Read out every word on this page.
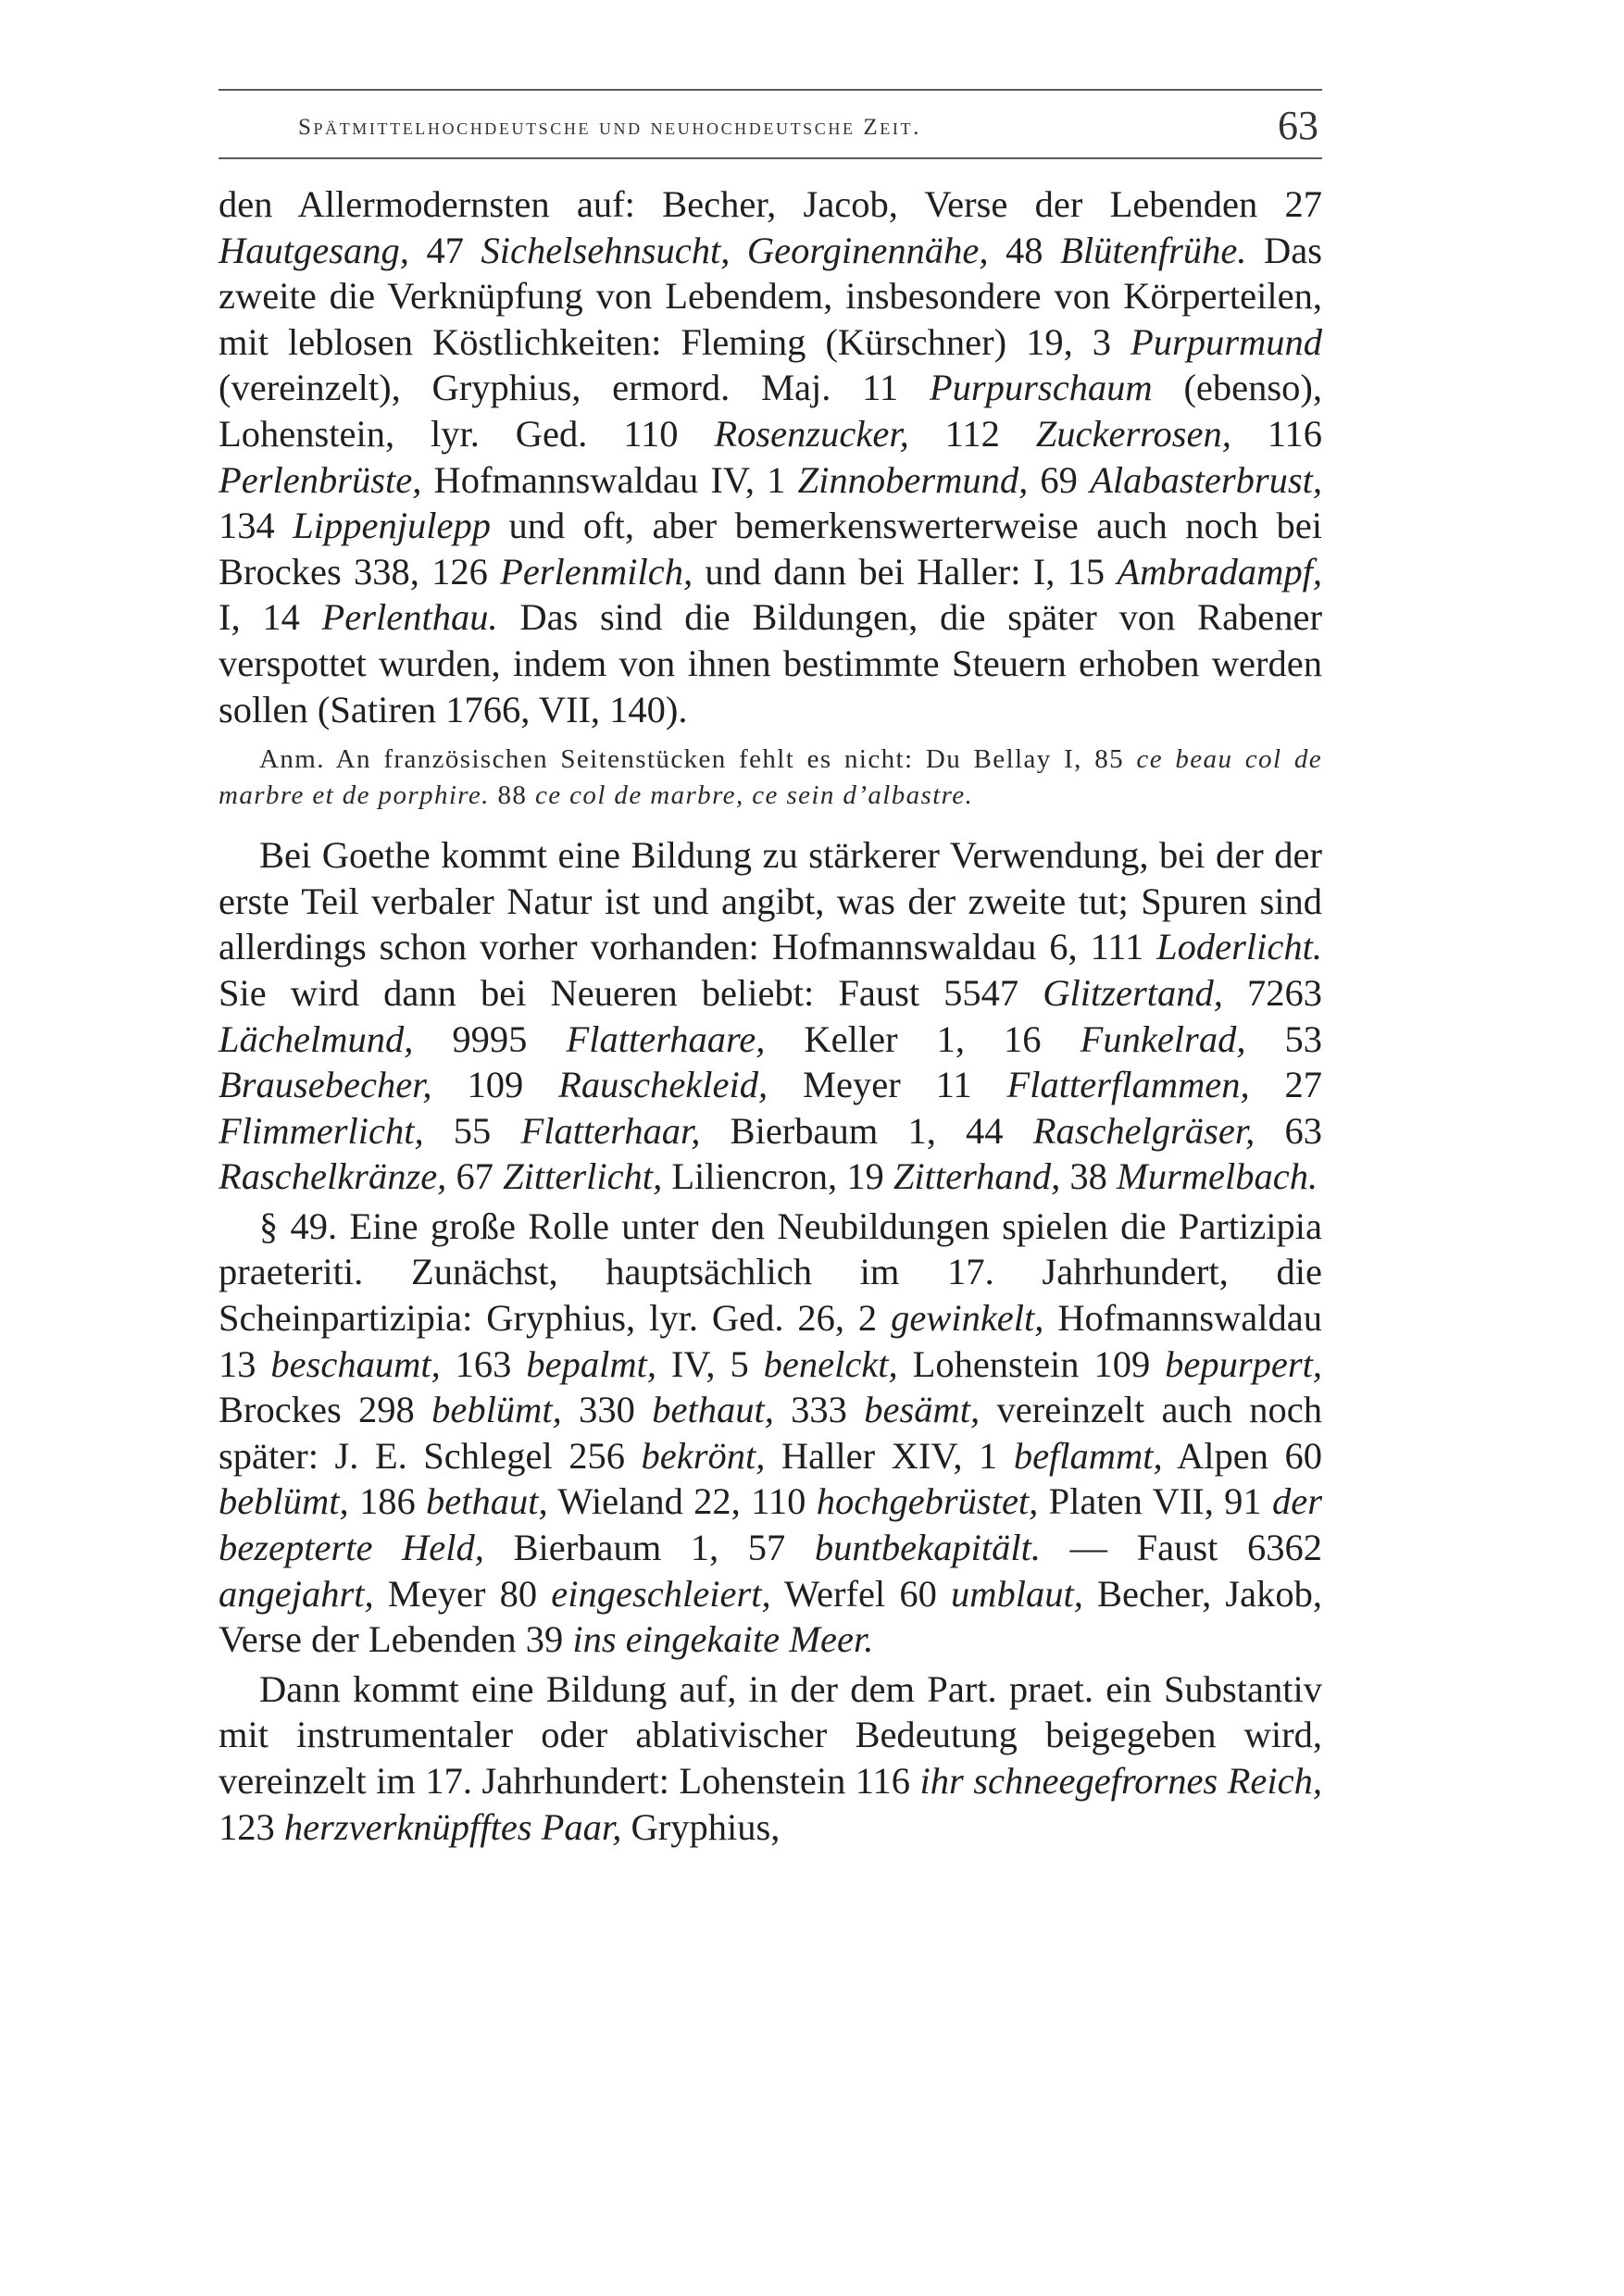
Spätmittelhochdeutsche und neuhochdeutsche Zeit.	63

den Allermodernsten auf: Becher, Jacob, Verse der Lebenden 27 Hautgesang, 47 Sichelsehnsucht, Georginennähe, 48 Blütenfrühe. Das zweite die Verknüpfung von Lebendem, insbesondere von Körperteilen, mit leblosen Köstlichkeiten: Fleming (Kürschner) 19, 3 Purpurmund (vereinzelt), Gryphius, ermord. Maj. 11 Purpurschaum (ebenso), Lohenstein, lyr. Ged. 110 Rosenzucker, 112 Zuckerrosen, 116 Perlenbrüste, Hofmannswaldau IV, 1 Zinnobermund, 69 Alabasterbrust, 134 Lippenjulepp und oft, aber bemerkenswerterweise auch noch bei Brockes 338, 126 Perlenmilch, und dann bei Haller: I, 15 Ambradampf, I, 14 Perlenthau. Das sind die Bildungen, die später von Rabener verspottet wurden, indem von ihnen bestimmte Steuern erhoben werden sollen (Satiren 1766, VII, 140).

Anm. An französischen Seitenstücken fehlt es nicht: Du Bellay I, 85 ce beau col de marbre et de porphire. 88 ce col de marbre, ce sein d’albastre.

Bei Goethe kommt eine Bildung zu stärkerer Verwendung, bei der der erste Teil verbaler Natur ist und angibt, was der zweite tut; Spuren sind allerdings schon vorher vorhanden: Hofmannswaldau 6, 111 Loderlicht. Sie wird dann bei Neueren beliebt: Faust 5547 Glitzertand, 7263 Lächelmund, 9995 Flatterhaare, Keller 1, 16 Funkelrad, 53 Brausebecher, 109 Rauschekleid, Meyer 11 Flatterflammen, 27 Flimmerlicht, 55 Flatterhaar, Bierbaum 1, 44 Raschelgräser, 63 Raschelkränze, 67 Zitterlicht, Liliencron, 19 Zitterhand, 38 Murmelbach.

§ 49. Eine große Rolle unter den Neubildungen spielen die Partizipia praeteriti. Zunächst, hauptsächlich im 17. Jahrhundert, die Scheinpartizipia: Gryphius, lyr. Ged. 26, 2 gewinkelt, Hofmannswaldau 13 beschaumt, 163 bepalmt, IV, 5 benelckt, Lohenstein 109 bepurpert, Brockes 298 beblümt, 330 bethaut, 333 besämt, vereinzelt auch noch später: J. E. Schlegel 256 bekrönt, Haller XIV, 1 beflammt, Alpen 60 beblümt, 186 bethaut, Wieland 22, 110 hochgebrüstet, Platen VII, 91 der bezepterte Held, Bierbaum 1, 57 buntbekapitält. — Faust 6362 angejahrt, Meyer 80 eingeschleiert, Werfel 60 umblaut, Becher, Jakob, Verse der Lebenden 39 ins eingekaite Meer.

Dann kommt eine Bildung auf, in der dem Part. praet. ein Substantiv mit instrumentaler oder ablativischer Bedeutung beigegeben wird, vereinzelt im 17. Jahrhundert: Lohenstein 116 ihr schneegefrornes Reich, 123 herzverknüpfftes Paar, Gryphius,
